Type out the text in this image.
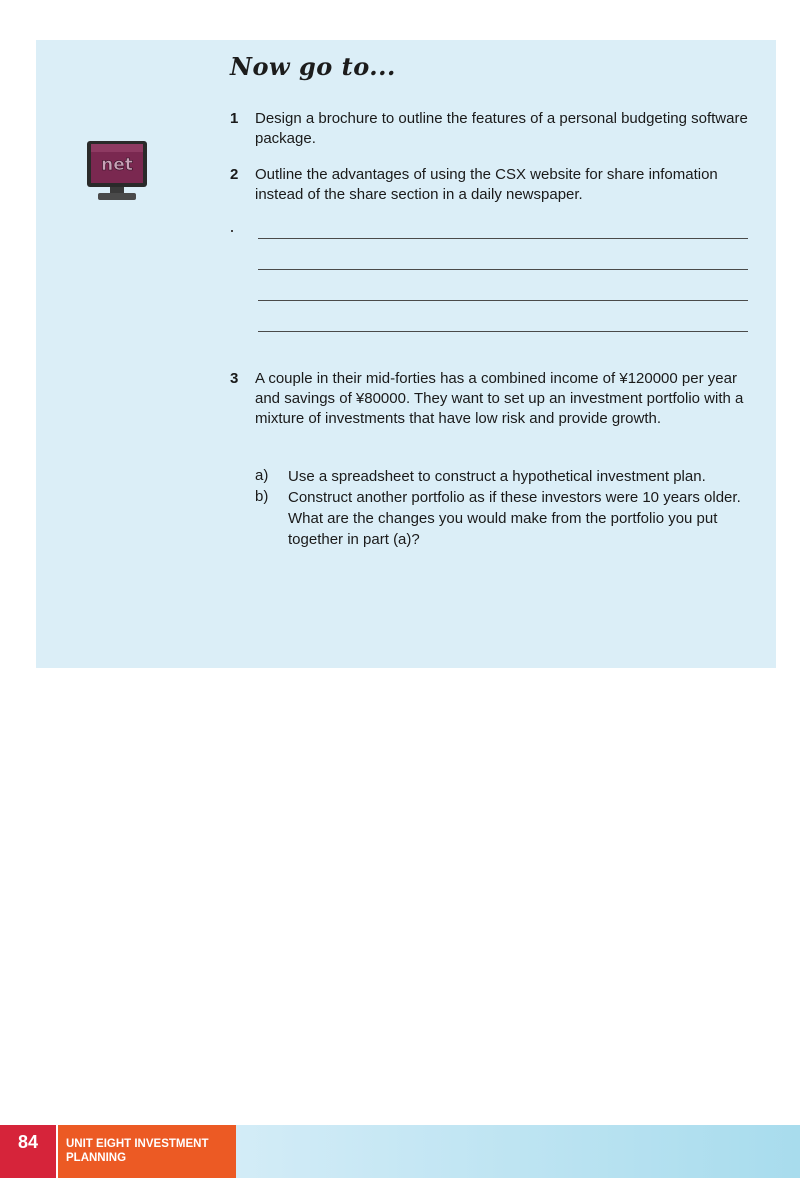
Now go to...
net
1 Design a brochure to outline the features of a personal budgeting software package.
2 Outline the advantages of using the CSX website for share infomation instead of the share section in a daily newspaper.
3 A couple in their mid-forties has a combined income of ¥120000 per year and savings of ¥80000. They want to set up an investment portfolio with a mixture of investments that have low risk and provide growth.
a) Use a spreadsheet to construct a hypothetical investment plan.
b) Construct another portfolio as if these investors were 10 years older. What are the changes you would make from the portfolio you put together in part (a)?
84	UNIT EIGHT INVESTMENT
PLANNING
